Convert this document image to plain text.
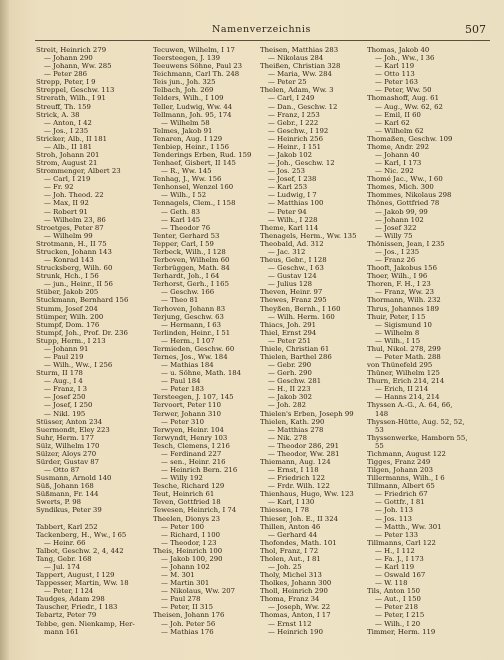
Namenverzeichnis	507
Streit, Heinrich 279
— Johann 290
— Johann, Ww. 285
— Peter 286
Strepp, Peter, I 9
Streppel, Geschw. 113
Strerath, Wilh., I 91
Streuff, Th. 159
Strick, A. 38
— Anton, I 42
— Jos., I 235
Stricker, Alb., II 181
— Alb., II 181
Stroh, Johann 201
Strom, August 21
Strommenger, Albert 23
— Carl, I 219
— Fr. 92
— Joh. Theod. 22
— Max, II 92
— Robert 91
— Wilhelm 23, 86
Stroetges, Peter 87
— Wilhelm 99
Strotmann, H., II 75
Strucken, Johann 143
— Konrad 143
Strucksberg, Wilh. 60
Strunk, Hch., I 56
— jun., Heinr., II 56
Stüber, Jakob 205
Stuckmann, Bernhard 156
Stumm, Josef 204
Stümper, Wilh. 200
Stumpf, Dom. 176
Stumpf, Joh., Prof. Dr. 236
Stupp, Herm., I 213
— Johann 91
— Paul 219
— Wilh., Ww., I 256
Sturm, II 178
— Aug., I 4
— Franz, I 3
— Josef 250
— Josef, I 250
— Nikl. 195
Stüsser, Anton 234
Suermondt, Eley 223
Suhr, Herm. 177
Sülz, Wilhelm 170
Sülzer, Aloys 270
Sürder, Gustav 87
— Otto 87
Susmann, Arnold 140
Süß, Johann 168
Süßmann, Fr. 144
Swerts, P. 98
Syndikus, Peter 39
Tabbert, Karl 252
Tackenberg, H., Ww., I 65
— Heinr. 66
Talbot, Geschw. 2, 4, 442
Tang, Gebr. 168
— Jul. 174
Tappert, August, I 129
Tappesser, Martin, Ww. 18
— Peter, I 124
Taudges, Adam 298
Tauscher, Friedr., I 183
Tebartz, Peter 79
Tebbe, gen. Nienkamp, Her-
mann 161
Tecuwen, Wilhelm, I 17
Teersteegen, J. 139
Teeuwens Söhne, Paul 23
Teichmann, Carl Th. 248
Teis jun., Joh. 325
Telbach, Joh. 269
Telders, Wilh., I 109
Teller, Ludwig, Ww. 44
Tellmann, Joh. 95, 174
— Wilhelm 58
Telmes, Jakob 91
Tenaren, Aug. I 129
Tenbiep, Heinr., I 156
Tenderings Erben, Rud. 159
Tenhaef, Gisbert, II 145
— R., Ww. 145
Tenhag, J., Ww. 156
Tenhonsel, Wenzel 160
— Wilh., I 52
Tennagels, Clem., I 158
— Geth. 83
— Karl 145
— Theodor 76
Tenter, Gerhard 53
Tepper, Carl, I 59
Terbeck, Wilh., I 128
Terboven, Wilhelm 60
Terbrüggen, Math. 84
Terhardt, Joh., I 64
Terhorst, Gerh., I 165
— Geschw. 166
— Theo 81
Terhoven, Johann 83
Terjung, Geschw. 63
— Hermann, I 63
Terlinden, Heinr., I 51
— Herm., I 107
Termieden, Geschw. 60
Ternes, Jos., Ww. 184
— Mathias 184
— u. Söhne, Math. 184
— Paul 184
— Peter 183
Tersteegen, J. 107, 145
Tervoort, Peter 110
Terwer, Johann 310
— Peter 310
Terwyen, Heinr. 104
Terwyndt, Henry 103
Tesch, Clemens, I 216
— Ferdinand 227
— sen., Heinr. 216
— Heinrich Bern. 216
— Willy 192
Tesche, Richard 129
Teut, Heinrich 61
Teven, Gottfried 18
Tewesen, Heinrich, I 74
Theelen, Dionys 23
— Peter 100
— Richard, I 100
— Theodor, I 23
Theis, Heinrich 100
— Jakob 100, 290
— Johann 102
— M. 301
— Martin 301
— Nikolaus, Ww. 207
— Paul 278
— Peter, II 315
Theisen, Johann 176
— Joh. Peter 56
— Mathias 176
Theisen, Matthias 283
— Nikolaus 284
Theißen, Christian 328
— Maria, Ww. 284
— Peter 25
Thelen, Adam, Ww. 3
— Carl, I 249
— Dan., Geschw. 12
— Franz, I 253
— Gebr., I 222
— Geschw., I 192
— Heinrich 256
— Heinr., I 151
— Jakob 102
— Joh., Geschw. 12
— Jos. 253
— Josef, I 238
— Karl 253
— Ludwig, I 7
— Matthias 100
— Peter 94
— Wilh., I 228
Theme, Karl 114
Thenagels, Herm., Ww. 135
Theobald, Ad. 312
— Jac. 312
Theus, Gebr., I 128
— Geschw., I 63
— Gustav 124
— Julius 128
Theven, Heinr. 97
Thewes, Franz 295
Theyßen, Bernh., I 160
— Wilh. Herm. 160
Thiacs, Joh. 291
Thiel, Ernst 294
— Peter 251
Thiele, Christian 61
Thielen, Barthel 286
— Gebr. 290
— Gerh. 290
— Geschw. 281
— H., II 223
— Jakob 302
— Joh. 282
Thielen's Erben, Joseph 99
Thielen, Kath. 290
— Matthias 278
— Nik. 278
— Theodor 286, 291
— Theodor, Ww. 281
Thiemann, Aug. 124
— Ernst, I 118
— Friedrich 122
— Frdr. Wilh. 122
Thienhaus, Hugo, Ww. 123
— Karl, I 130
Thiessen, I 78
Thieser, Joh. E., II 324
Thillen, Anton 46
— Gerhard 44
Thofondes, Math. 101
Thol, Franz, I 72
Tholen, Aut., I 81
— Joh. 25
Tholy, Michel 313
Tholkes, Johann 300
Tholl, Heinrich 290
Thoma, Franz 34
— Joseph, Ww. 22
Thomas, Anton, I 17
— Ernst 112
— Heinrich 190
Thomas, Jakob 40
— Joh., Ww., I 36
— Karl 119
— Otto 113
— Peter 163
— Peter, Ww. 50
Thomashoff, Aug. 61
— Aug., Ww. 62, 62
— Emil, II 60
— Karl 62
— Wilhelm 62
Thomaßen, Geschw. 109
Thome, Andr. 292
— Johann 40
— Karl, I 173
— Nic. 292
Thomé Jac., Ww., I 60
Thomes, Mich. 300
Thommes, Nikolaus 298
Thönes, Gottfried 78
— Jakob 99, 99
— Johann 102
— Josef 322
— Willy 75
Thönissen, Jean, I 235
— Jos., I 235
— Franz 26
Thooft, Jakobus 156
Thoer, Wilh., I 96
Thoren, F. H., I 23
— Franz, Ww. 23
Thormann, Wilh. 232
Thrus, Johannes 189
Thuir, Peter, I 15
— Sigismund 10
— Wilhelm 8
— Wilh., I 15
Thul, Nikol. 278, 299
— Peter Math. 288
von Thünefeld 295
Thüner, Wilhelm 125
Thurn, Erich 214, 214
— Erich, II 214
— Hanns 214, 214
Thyssen A.-G., A. 64, 66,
148
Thyssen-Hütte, Aug. 52, 52,
53
Thyssenwerke, Hamborn 55,
55
Tichmann, August 122
Tigges, Franz 249
Tilgen, Johann 203
Tillermanns, Wilh., I 6
Tillmann, Albert 65
— Friedrich 67
— Gottfr., I 81
— Joh. 113
— Jos. 113
— Matth., Ww. 301
— Peter 133
Tillmanns, Carl 122
— H., I 112
— Fa. J., I 173
— Karl 119
— Oswald 167
— W. 118
Tils, Anton 150
— Aut., I 150
— Peter 218
— Peter, I 215
— Wilh., I 20
Timmer, Herm. 119
